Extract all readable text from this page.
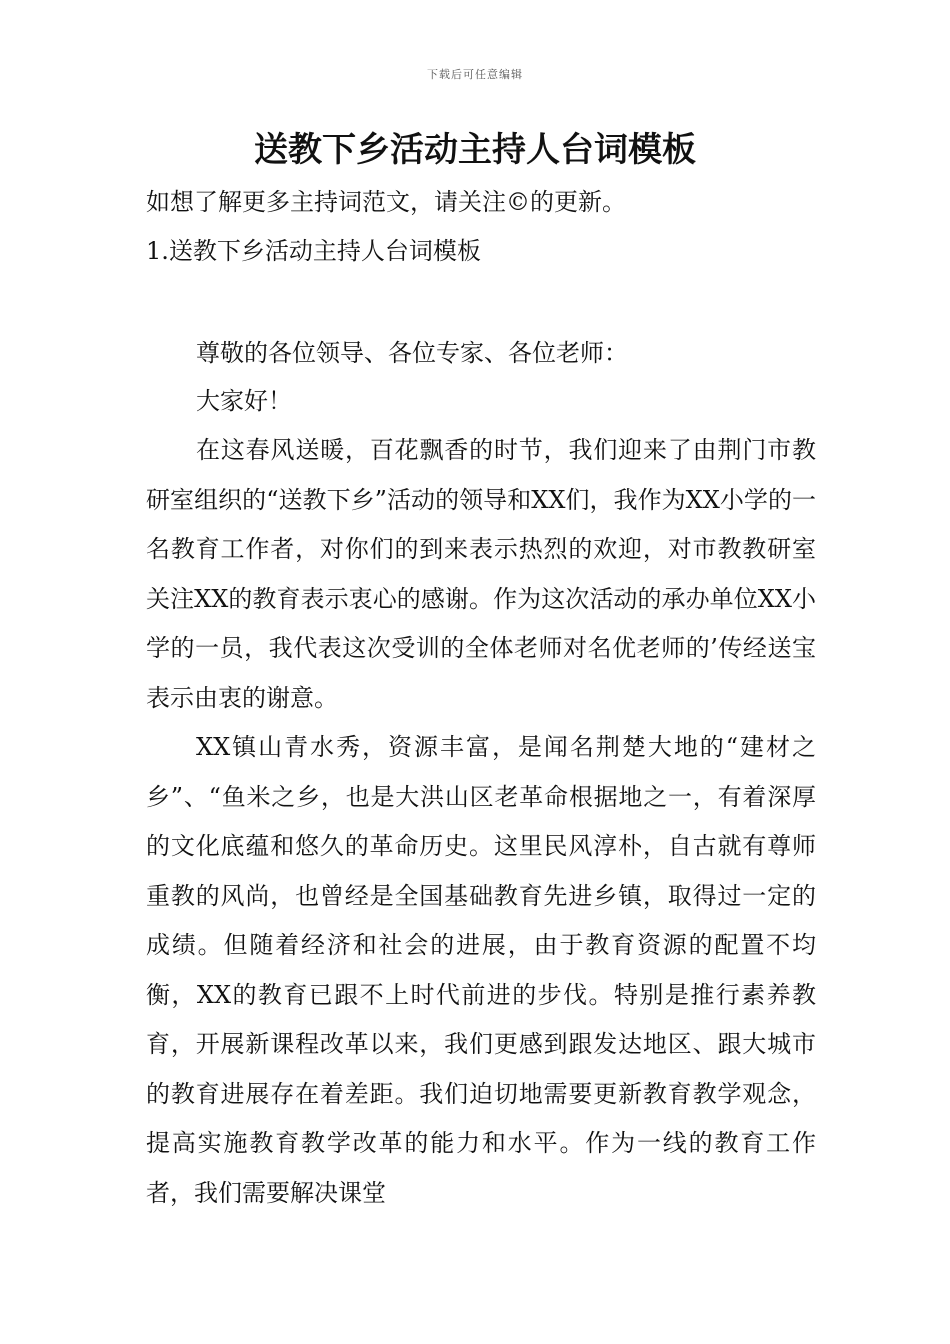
下载后可任意编辑
送教下乡活动主持人台词模板

如想了解更多主持词范文，请关注©的更新。

1.送教下乡活动主持人台词模板

尊敬的各位领导、各位专家、各位老师：

大家好！

在这春风送暖，百花飘香的时节，我们迎来了由荆门市教研室组织的“送教下乡”活动的领导和XX们，我作为XX小学的一名教育工作者，对你们的到来表示热烈的欢迎，对市教教研室关注XX的教育表示衷心的感谢。作为这次活动的承办单位XX小学的一员，我代表这次受训的全体老师对名优老师的’传经送宝表示由衷的谢意。

XX镇山青水秀，资源丰富，是闻名荆楚大地的“建材之乡”、“鱼米之乡，也是大洪山区老革命根据地之一，有着深厚的文化底蕴和悠久的革命历史。这里民风淳朴，自古就有尊师重教的风尚，也曾经是全国基础教育先进乡镇，取得过一定的成绩。但随着经济和社会的进展，由于教育资源的配置不均衡，XX的教育已跟不上时代前进的步伐。特别是推行素养教育，开展新课程改革以来，我们更感到跟发达地区、跟大城市的教育进展存在着差距。我们迫切地需要更新教育教学观念，提高实施教育教学改革的能力和水平。作为一线的教育工作者，我们需要解决课堂
